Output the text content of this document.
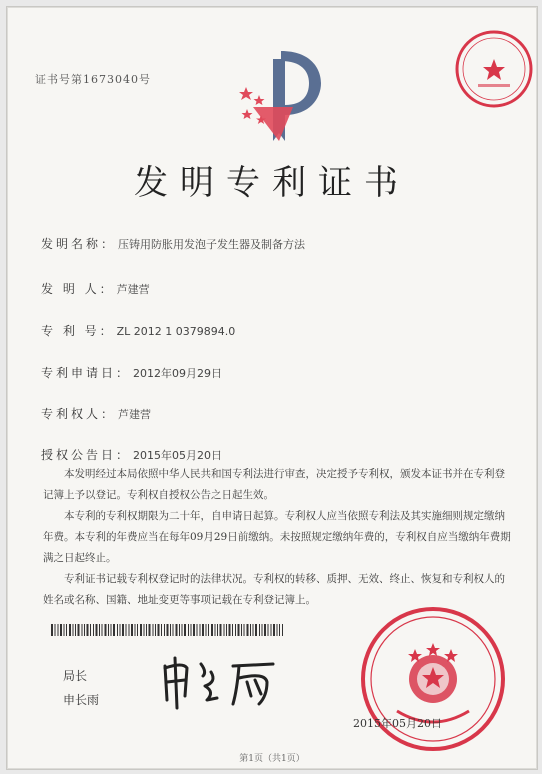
证书号第1673040号
发明专利证书
发明名称： 压铸用防胀用发泡子发生器及制备方法
发 明 人： 芦建营
专 利 号： ZL 2012 1 0379894.0
专利申请日： 2012年09月29日
专利权人： 芦建营
授权公告日： 2015年05月20日

本发明经过本局依照中华人民共和国专利法进行审查，决定授予专利权，颁发本证书并在专利登记簿上予以登记。专利权自授权公告之日起生效。

本专利的专利权期限为二十年，自申请日起算。专利权人应当依照专利法及其实施细则规定缴纳年费。本专利的年费应当在每年09月29日前缴纳。未按照规定缴纳年费的，专利权自应当缴纳年费期满之日起终止。

专利证书记载专利权登记时的法律状况。专利权的转移、质押、无效、终止、恢复和专利权人的姓名或名称、国籍、地址变更等事项记载在专利登记簿上。

局长
申长雨
2015年05月20日
第1页（共1页）
